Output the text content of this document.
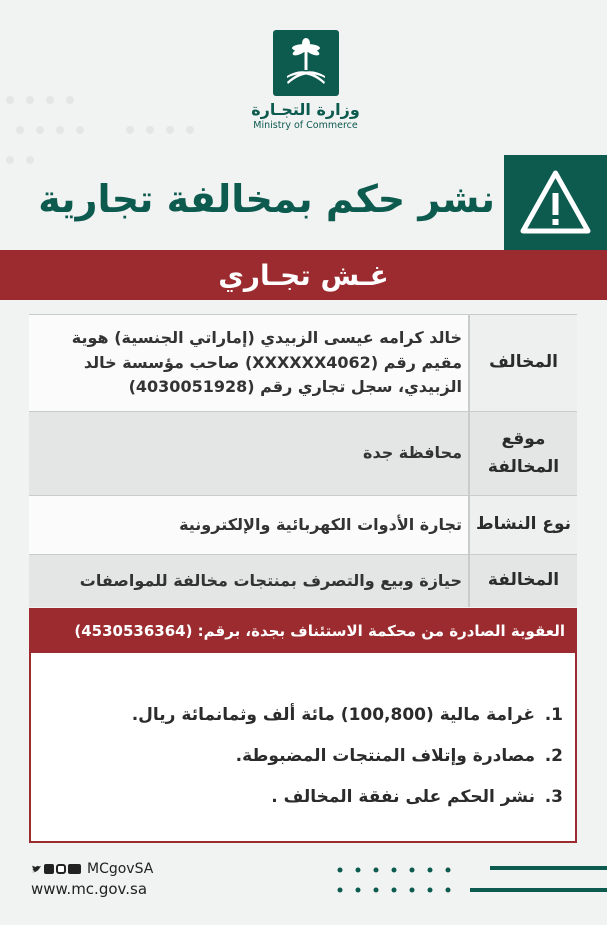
وزارة التجـارة
Ministry of Commerce
نشر حكم بمخالفة تجارية
غـش تجـاري
المخالف
خالد كرامه عيسى الزبيدي (إماراتي الجنسية) هوية مقيم رقم (XXXXXX4062) صاحب مؤسسة خالد الزبيدي، سجل تجاري رقم (4030051928)
موقع المخالفة
محافظة جدة
نوع النشاط
تجارة الأدوات الكهربائية والإلكترونية
المخالفة
حيازة وبيع والتصرف بمنتجات مخالفة للمواصفات
العقوبة الصادرة من محكمة الاستئناف بجدة، برقم: (4530536364)
1.
غرامة مالية (100,800) مائة ألف وثمانمائة ريال.
2.
مصادرة وإتلاف المنتجات المضبوطة.
3.
نشر الحكم على نفقة المخالف .
MCgovSA
www.mc.gov.sa
